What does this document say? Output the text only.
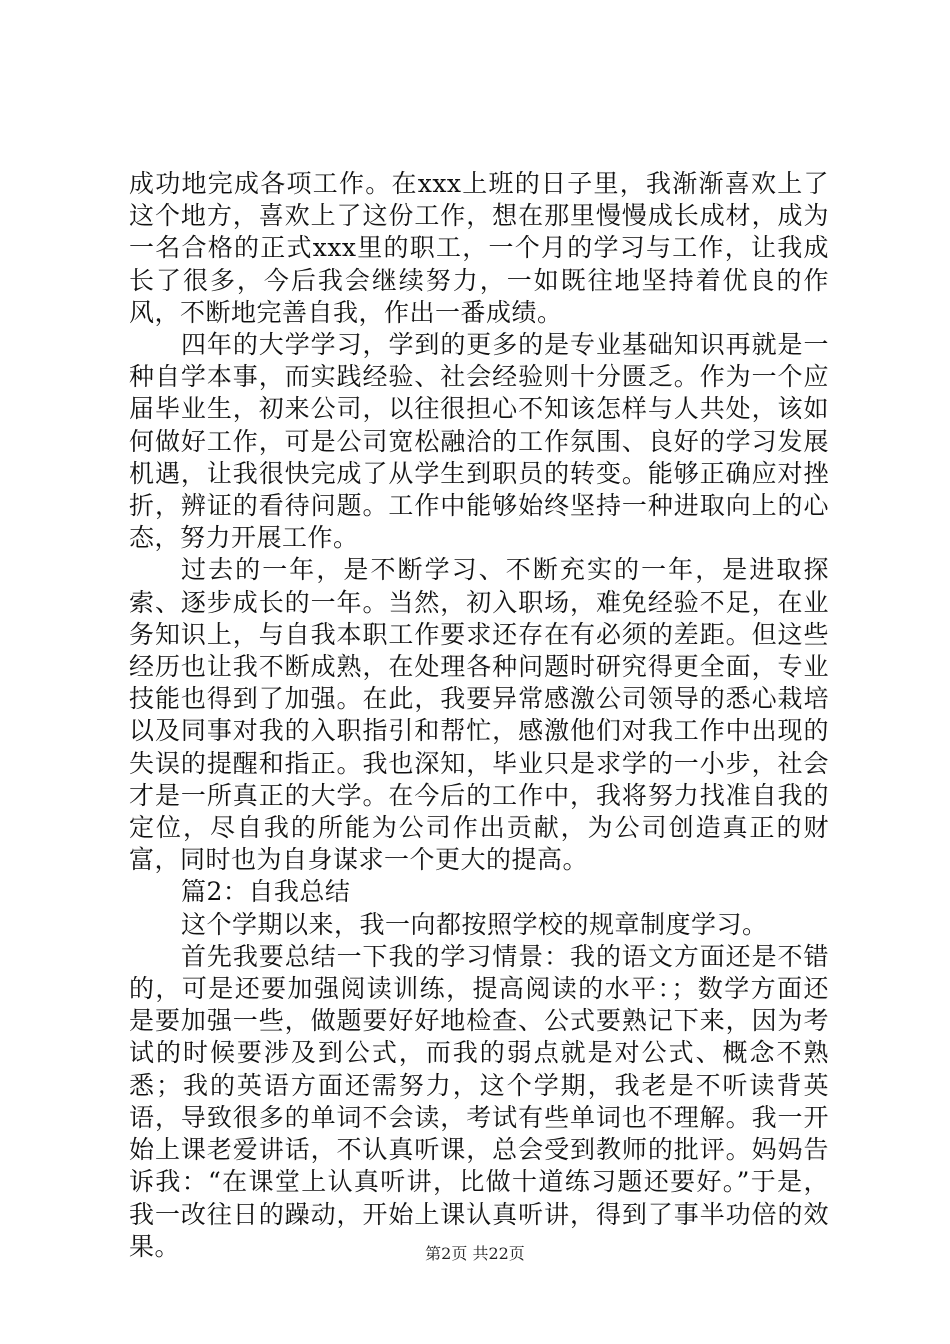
成功地完成各项工作。在xxx上班的日子里，我渐渐喜欢上了这个地方，喜欢上了这份工作，想在那里慢慢成长成材，成为一名合格的正式xxx里的职工，一个月的学习与工作，让我成长了很多，今后我会继续努力，一如既往地坚持着优良的作风，不断地完善自我，作出一番成绩。

四年的大学学习，学到的更多的是专业基础知识再就是一种自学本事，而实践经验、社会经验则十分匮乏。作为一个应届毕业生，初来公司，以往很担心不知该怎样与人共处，该如何做好工作，可是公司宽松融洽的工作氛围、良好的学习发展机遇，让我很快完成了从学生到职员的转变。能够正确应对挫折，辨证的看待问题。工作中能够始终坚持一种进取向上的心态，努力开展工作。

过去的一年，是不断学习、不断充实的一年，是进取探索、逐步成长的一年。当然，初入职场，难免经验不足，在业务知识上，与自我本职工作要求还存在有必须的差距。但这些经历也让我不断成熟，在处理各种问题时研究得更全面，专业技能也得到了加强。在此，我要异常感激公司领导的悉心栽培以及同事对我的入职指引和帮忙，感激他们对我工作中出现的失误的提醒和指正。我也深知，毕业只是求学的一小步，社会才是一所真正的大学。在今后的工作中，我将努力找准自我的定位，尽自我的所能为公司作出贡献，为公司创造真正的财富，同时也为自身谋求一个更大的提高。

篇2：自我总结

这个学期以来，我一向都按照学校的规章制度学习。

首先我要总结一下我的学习情景：我的语文方面还是不错的，可是还要加强阅读训练，提高阅读的水平：；数学方面还是要加强一些，做题要好好地检查、公式要熟记下来，因为考试的时候要涉及到公式，而我的弱点就是对公式、概念不熟悉；我的英语方面还需努力，这个学期，我老是不听读背英语，导致很多的单词不会读，考试有些单词也不理解。我一开始上课老爱讲话，不认真听课，总会受到教师的批评。妈妈告诉我：“在课堂上认真听讲，比做十道练习题还要好。”于是，我一改往日的躁动，开始上课认真听讲，得到了事半功倍的效果。	第2页 共22页
